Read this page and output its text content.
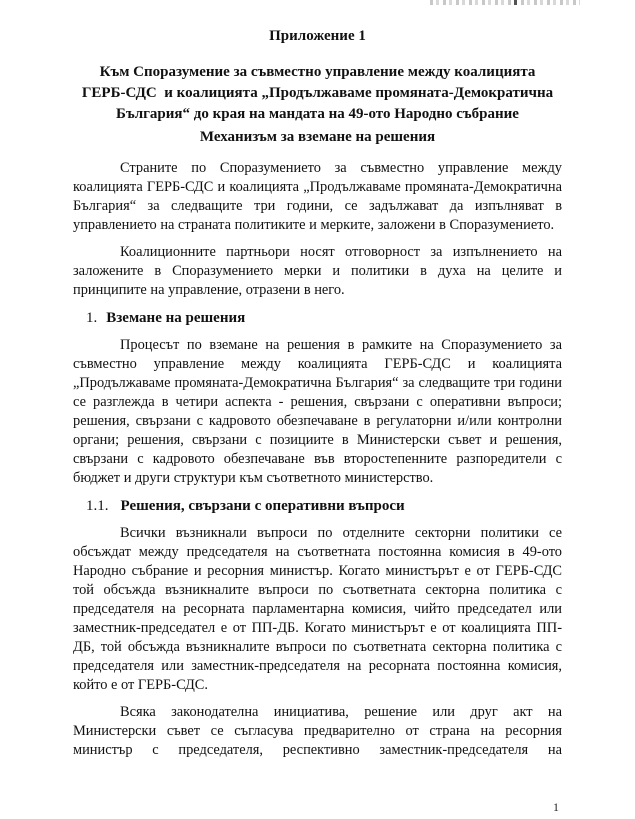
Приложение 1
Към Споразумение за съвместно управление между коалицията
ГЕРБ-СДС  и коалицията „Продължаваме промяната-Демократична
България“ до края на мандата на 49-ото Народно събрание
Механизъм за вземане на решения

Страните по Споразумението за съвместно управление между коалицията ГЕРБ-СДС и коалицията „Продължаваме промяната-Демократична България“ за следващите три години, се задължават да изпълняват в управлението на страната политиките и мерките, заложени в Споразумението.

Коалиционните партньори носят отговорност за изпълнението на заложените в Споразумението мерки и политики в духа на целите и принципите на управление, отразени в него.

1. Вземане на решения

Процесът по вземане на решения в рамките на Споразумението за съвместно управление между коалицията ГЕРБ-СДС и коалицията „Продължаваме промяната-Демократична България“ за следващите три години се разглежда в четири аспекта - решения, свързани с оперативни въпроси; решения, свързани с кадровото обезпечаване в регулаторни и/или контролни органи; решения, свързани с позициите в Министерски съвет и решения, свързани с кадровото обезпечаване във второстепенните разпоредители с бюджет и други структури към съответното министерство.

1.1. Решения, свързани с оперативни въпроси

Всички възникнали въпроси по отделните секторни политики се обсъждат между председателя на съответната постоянна комисия в 49-ото Народно събрание и ресорния министър. Когато министърът е от ГЕРБ-СДС той обсъжда възникналите въпроси по съответната секторна политика с председателя на ресорната парламентарна комисия, чийто председател или заместник-председател е от ПП-ДБ. Когато министърът е от коалицията ПП-ДБ, той обсъжда възникналите въпроси по съответната секторна политика с председателя или заместник-председателя на ресорната постоянна комисия, който е от ГЕРБ-СДС.

Всяка законодателна инициатива, решение или друг акт на Министерски съвет се съгласува предварително от страна на ресорния министър с председателя, респективно заместник-председателя на

1
